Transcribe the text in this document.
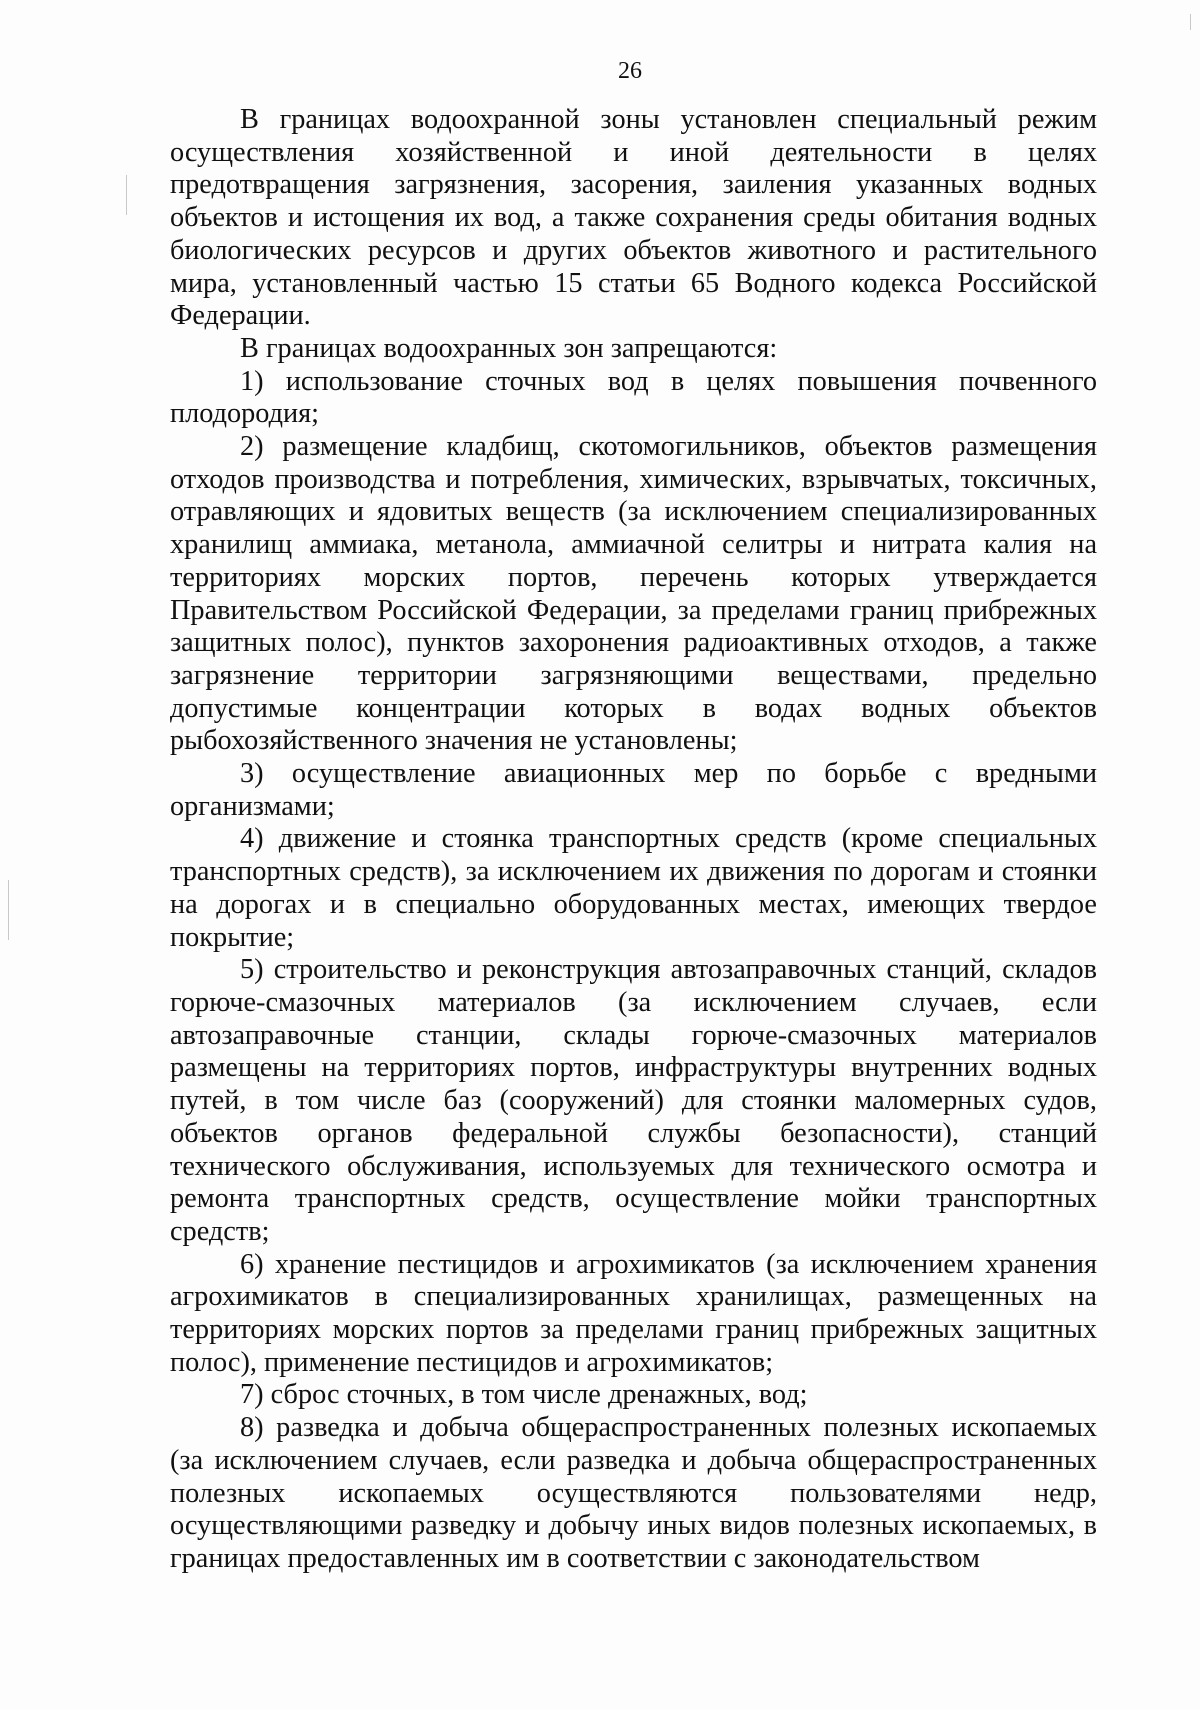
26

В границах водоохранной зоны установлен специальный режим осуществления хозяйственной и иной деятельности в целях предотвращения загрязнения, засорения, заиления указанных водных объектов и истощения их вод, а также сохранения среды обитания водных биологических ресурсов и других объектов животного и растительного мира, установленный частью 15 статьи 65 Водного кодекса Российской Федерации.

В границах водоохранных зон запрещаются:

1) использование сточных вод в целях повышения почвенного плодородия;

2) размещение кладбищ, скотомогильников, объектов размещения отходов производства и потребления, химических, взрывчатых, токсичных, отравляющих и ядовитых веществ (за исключением специализированных хранилищ аммиака, метанола, аммиачной селитры и нитрата калия на территориях морских портов, перечень которых утверждается Правительством Российской Федерации, за пределами границ прибрежных защитных полос), пунктов захоронения радиоактивных отходов, а также загрязнение территории загрязняющими веществами, предельно допустимые концентрации которых в водах водных объектов рыбохозяйственного значения не установлены;

3) осуществление авиационных мер по борьбе с вредными организмами;

4) движение и стоянка транспортных средств (кроме специальных транспортных средств), за исключением их движения по дорогам и стоянки на дорогах и в специально оборудованных местах, имеющих твердое покрытие;

5) строительство и реконструкция автозаправочных станций, складов горюче-смазочных материалов (за исключением случаев, если автозаправочные станции, склады горюче-смазочных материалов размещены на территориях портов, инфраструктуры внутренних водных путей, в том числе баз (сооружений) для стоянки маломерных судов, объектов органов федеральной службы безопасности), станций технического обслуживания, используемых для технического осмотра и ремонта транспортных средств, осуществление мойки транспортных средств;

6) хранение пестицидов и агрохимикатов (за исключением хранения агрохимикатов в специализированных хранилищах, размещенных на территориях морских портов за пределами границ прибрежных защитных полос), применение пестицидов и агрохимикатов;

7) сброс сточных, в том числе дренажных, вод;

8) разведка и добыча общераспространенных полезных ископаемых (за исключением случаев, если разведка и добыча общераспространенных полезных ископаемых осуществляются пользователями недр, осуществляющими разведку и добычу иных видов полезных ископаемых, в границах предоставленных им в соответствии с законодательством
